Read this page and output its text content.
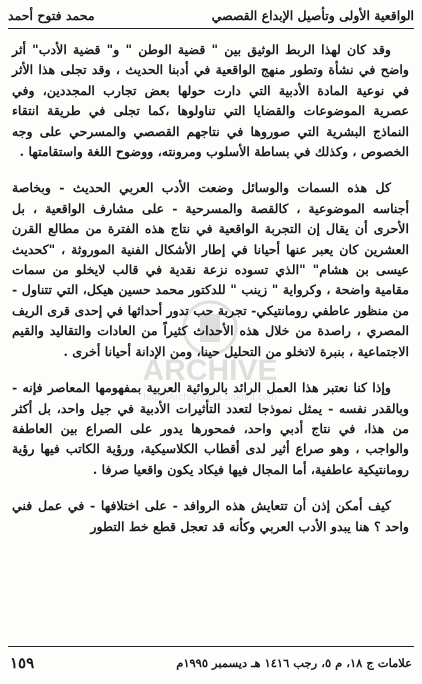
الواقعية الأولى وتأصيل الإبداع القصصي
محمد فتوح أحمد
ARCHIVE
http://Archivebeta.Sakhrit.com

وقد كان لهذا الربط الوثيق بين " قضية الوطن " و" قضية الأدب" أثر واضح في نشأة وتطور منهج الواقعية في أدبنا الحديث ، وقد تجلى هذا الأثر في نوعية المادة الأدبية التي دارت حولها بعض تجارب المجددين، وفي عصرية الموضوعات والقضايا التي تناولوها ،كما تجلى في طريقة انتقاء النماذج البشرية التي صوروها في نتاجهم القصصي والمسرحي على وجه الخصوص ، وكذلك في بساطة الأسلوب ومرونته، ووضوح اللغة واستقامتها .

كل هذه السمات والوسائل وضعت الأدب العربي الحديث - وبخاصة أجناسه الموضوعية ، كالقصة والمسرحية - على مشارف الواقعية ، بل الأحرى أن يقال إن التجربة الواقعية في نتاج هذه الفترة من مطالع القرن العشرين كان يعبر عنها أحيانا في إطار الأشكال الفنية الموروثة ، "كحديث عيسى بن هشام" "الذي تسوده نزعة نقدية في قالب لايخلو من سمات مقامية واضحة ، وكرواية " زينب " للدكتور محمد حسين هيكل، التي تتناول - من منظور عاطفي رومانتيكي- تجربة حب تدور أحداثها في إحدى قرى الريف المصري ، راصدة من خلال هذه الأحداث كثيراً من العادات والتقاليد والقيم الاجتماعية ، بنبرة لاتخلو من التحليل حينا، ومن الإدانة أحيانا أخرى .

وإذا كنا نعتبر هذا العمل الرائد بالروائية العربية بمفهومها المعاصر فإنه - وبالقدر نفسه - يمثل نموذجا لتعدد التأثيرات الأدبية في جيل واحد، بل أكثر من هذا، في نتاج أدبي واحد، فمحورها يدور على الصراع بين العاطفة والواجب ، وهو صراع أثير لدى أقطاب الكلاسيكية، ورؤية الكاتب فيها رؤية رومانتيكية عاطفية، أما المجال فيها فيكاد يكون واقعيا صرفا .

كيف أمكن إذن أن تتعايش هذه الروافد - على اختلافها - في عمل فني واحد ؟ هنا يبدو الأدب العربي وكأنه قد تعجل قطع خط التطور

علامات ج ١٨، م ٥، رجب ١٤١٦ هـ ديسمبر ١٩٩٥م
١٥٩
